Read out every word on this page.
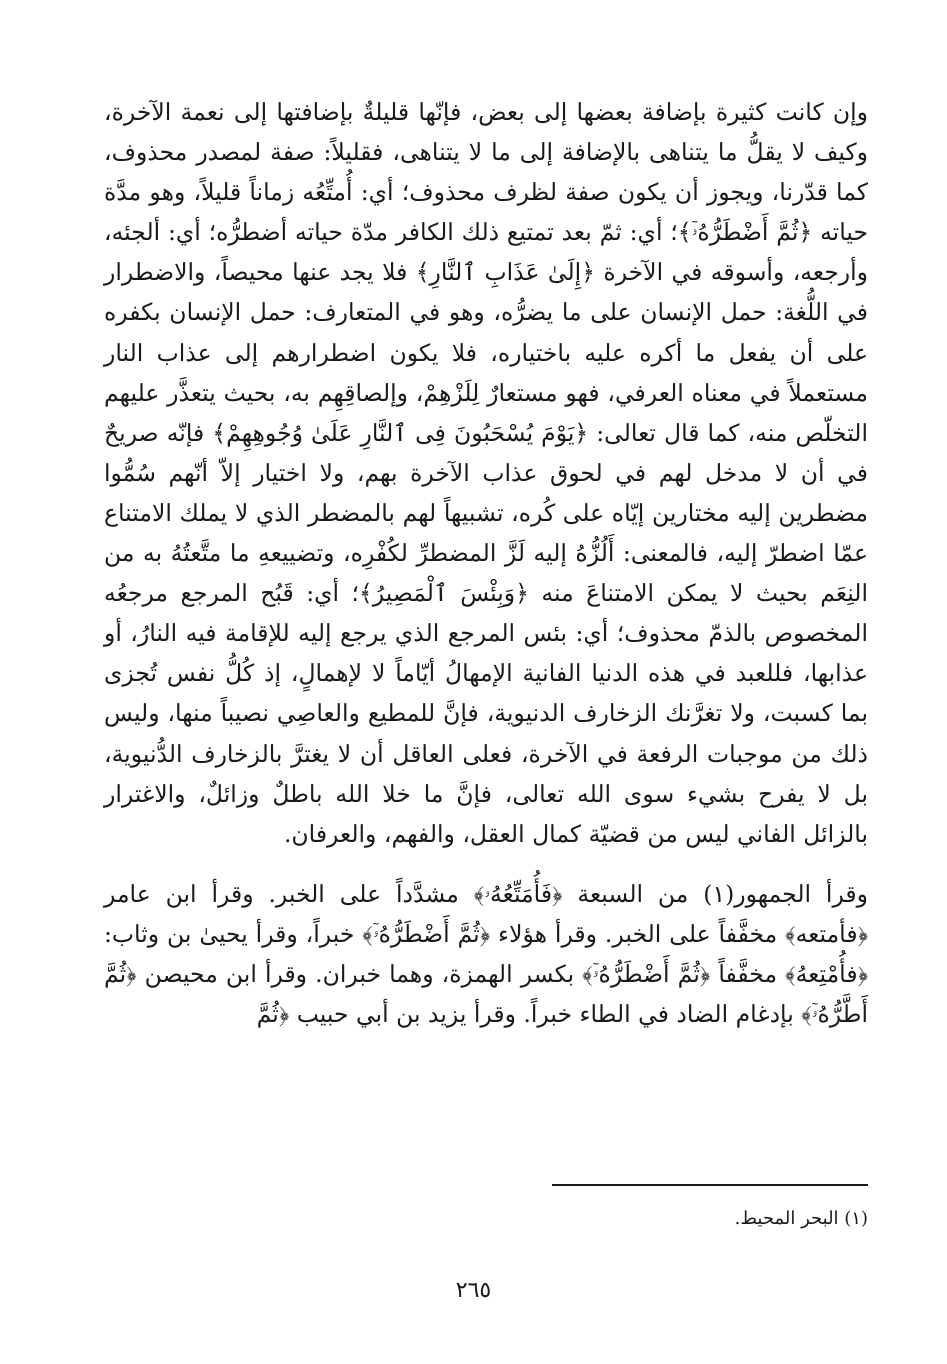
وإن كانت كثيرة بإضافة بعضها إلى بعض، فإنّها قليلةٌ بإضافتها إلى نعمة الآخرة، وكيف لا يقلُّ ما يتناهى بالإضافة إلى ما لا يتناهى، فقليلاً: صفة لمصدر محذوف، كما قدّرنا، ويجوز أن يكون صفة لظرف محذوف؛ أي: أُمتِّعُه زماناً قليلاً، وهو مدَّة حياته ﴿ثُمَّ أَضْطَرُّهُۥٓ﴾؛ أي: ثمّ بعد تمتيع ذلك الكافر مدّة حياته أضطرُّه؛ أي: ألجئه، وأرجعه، وأسوقه في الآخرة ﴿إِلَىٰ عَذَابِ ٱلنَّارِ﴾ فلا يجد عنها محيصاً، والاضطرار في اللُّغة: حمل الإنسان على ما يضرُّه، وهو في المتعارف: حمل الإنسان بكفره على أن يفعل ما أكره عليه باختياره، فلا يكون اضطرارهم إلى عذاب النار مستعملاً في معناه العرفي، فهو مستعارٌ لِلَزْهِمْ، وإلصاقِهِم به، بحيث يتعذَّر عليهم التخلّص منه، كما قال تعالى: ﴿يَوْمَ يُسْحَبُونَ فِى ٱلنَّارِ عَلَىٰ وُجُوهِهِمْ﴾ فإنّه صريحٌ في أن لا مدخل لهم في لحوق عذاب الآخرة بهم، ولا اختيار إلاّ أنّهم سُمُّوا مضطرين إليه مختارين إيّاه على كُره، تشبيهاً لهم بالمضطر الذي لا يملك الامتناع عمّا اضطرّ إليه، فالمعنى: أَلُزُّهُ إليه لَزَّ المضطرِّ لكُفْرِه، وتضييعهِ ما متَّعتُهُ به من النِعَم بحيث لا يمكن الامتناعَ منه ﴿وَبِئْسَ ٱلْمَصِيرُ﴾؛ أي: قَبُح المرجع مرجعُه المخصوص بالذمّ محذوف؛ أي: بئس المرجع الذي يرجع إليه للإقامة فيه النارُ، أو عذابها، فللعبد في هذه الدنيا الفانية الإمهالُ أيّاماً لا لإهمالٍ، إذ كُلُّ نفس تُجزى بما كسبت، ولا تغرَّنك الزخارف الدنيوية، فإنَّ للمطيع والعاصِي نصيباً منها، وليس ذلك من موجبات الرفعة في الآخرة، فعلى العاقل أن لا يغترَّ بالزخارف الدُّنيوية، بل لا يفرح بشيء سوى الله تعالى، فإنَّ ما خلا الله باطلٌ وزائلٌ، والاغترار بالزائل الفاني ليس من قضيّة كمال العقل، والفهم، والعرفان.

وقرأ الجمهور(١) من السبعة ﴿فَأُمَتِّعُهُۥ﴾ مشدَّداً على الخبر. وقرأ ابن عامر ﴿فأمتعه﴾ مخفَّفاً على الخبر. وقرأ هؤلاء ﴿ثُمَّ أَضْطَرُّهُۥٓ﴾ خبراً، وقرأ يحيىٰ بن وثاب: ﴿فأُمْتِعهُ﴾ مخفَّفاً ﴿ثُمَّ أَضْطَرُّهُۥٓ﴾ بكسر الهمزة، وهما خبران. وقرأ ابن محيصن ﴿ثُمَّ أَطَّرُّهُۥٓ﴾ بإدغام الضاد في الطاء خبراً. وقرأ يزيد بن أبي حبيب ﴿ثُمَّ

(١) البحر المحيط.
٢٦٥
